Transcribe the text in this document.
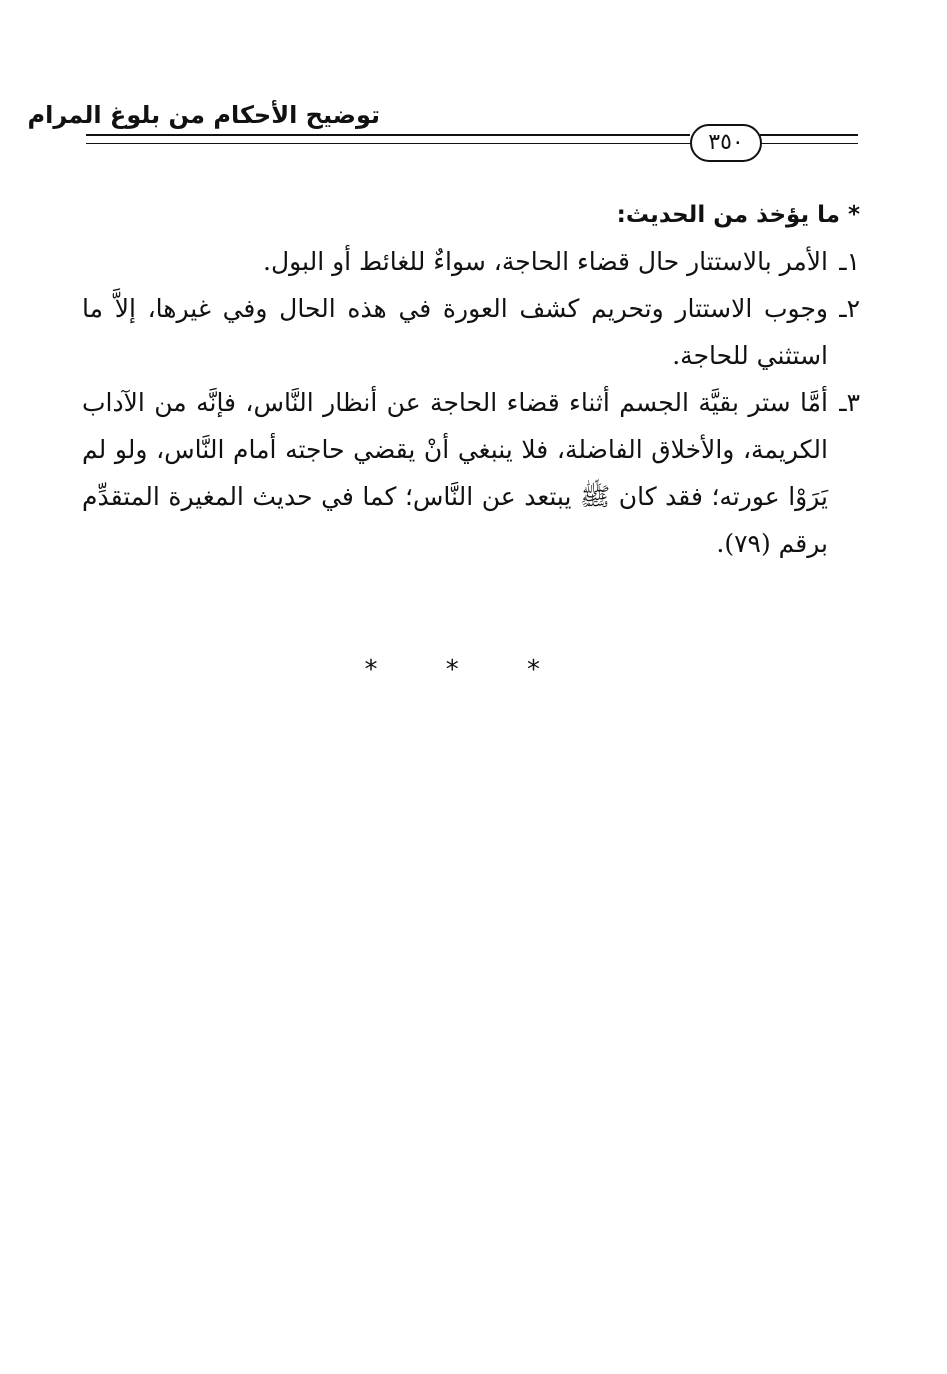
توضيح الأحكام من بلوغ المرام
٣٥٠

* ما يؤخذ من الحديث:

١ـ

الأمر بالاستتار حال قضاء الحاجة، سواءٌ للغائط أو البول.

٢ـ

وجوب الاستتار وتحريم كشف العورة في هذه الحال وفي غيرها، إلاَّ ما استثني للحاجة.

٣ـ

أمَّا ستر بقيَّة الجسم أثناء قضاء الحاجة عن أنظار النَّاس، فإنَّه من الآداب الكريمة، والأخلاق الفاضلة، فلا ينبغي أنْ يقضي حاجته أمام النَّاس، ولو لم يَرَوْا عورته؛ فقد كان ﷺ يبتعد عن النَّاس؛ كما في حديث المغيرة المتقدِّم برقم (٧٩).

* * *
